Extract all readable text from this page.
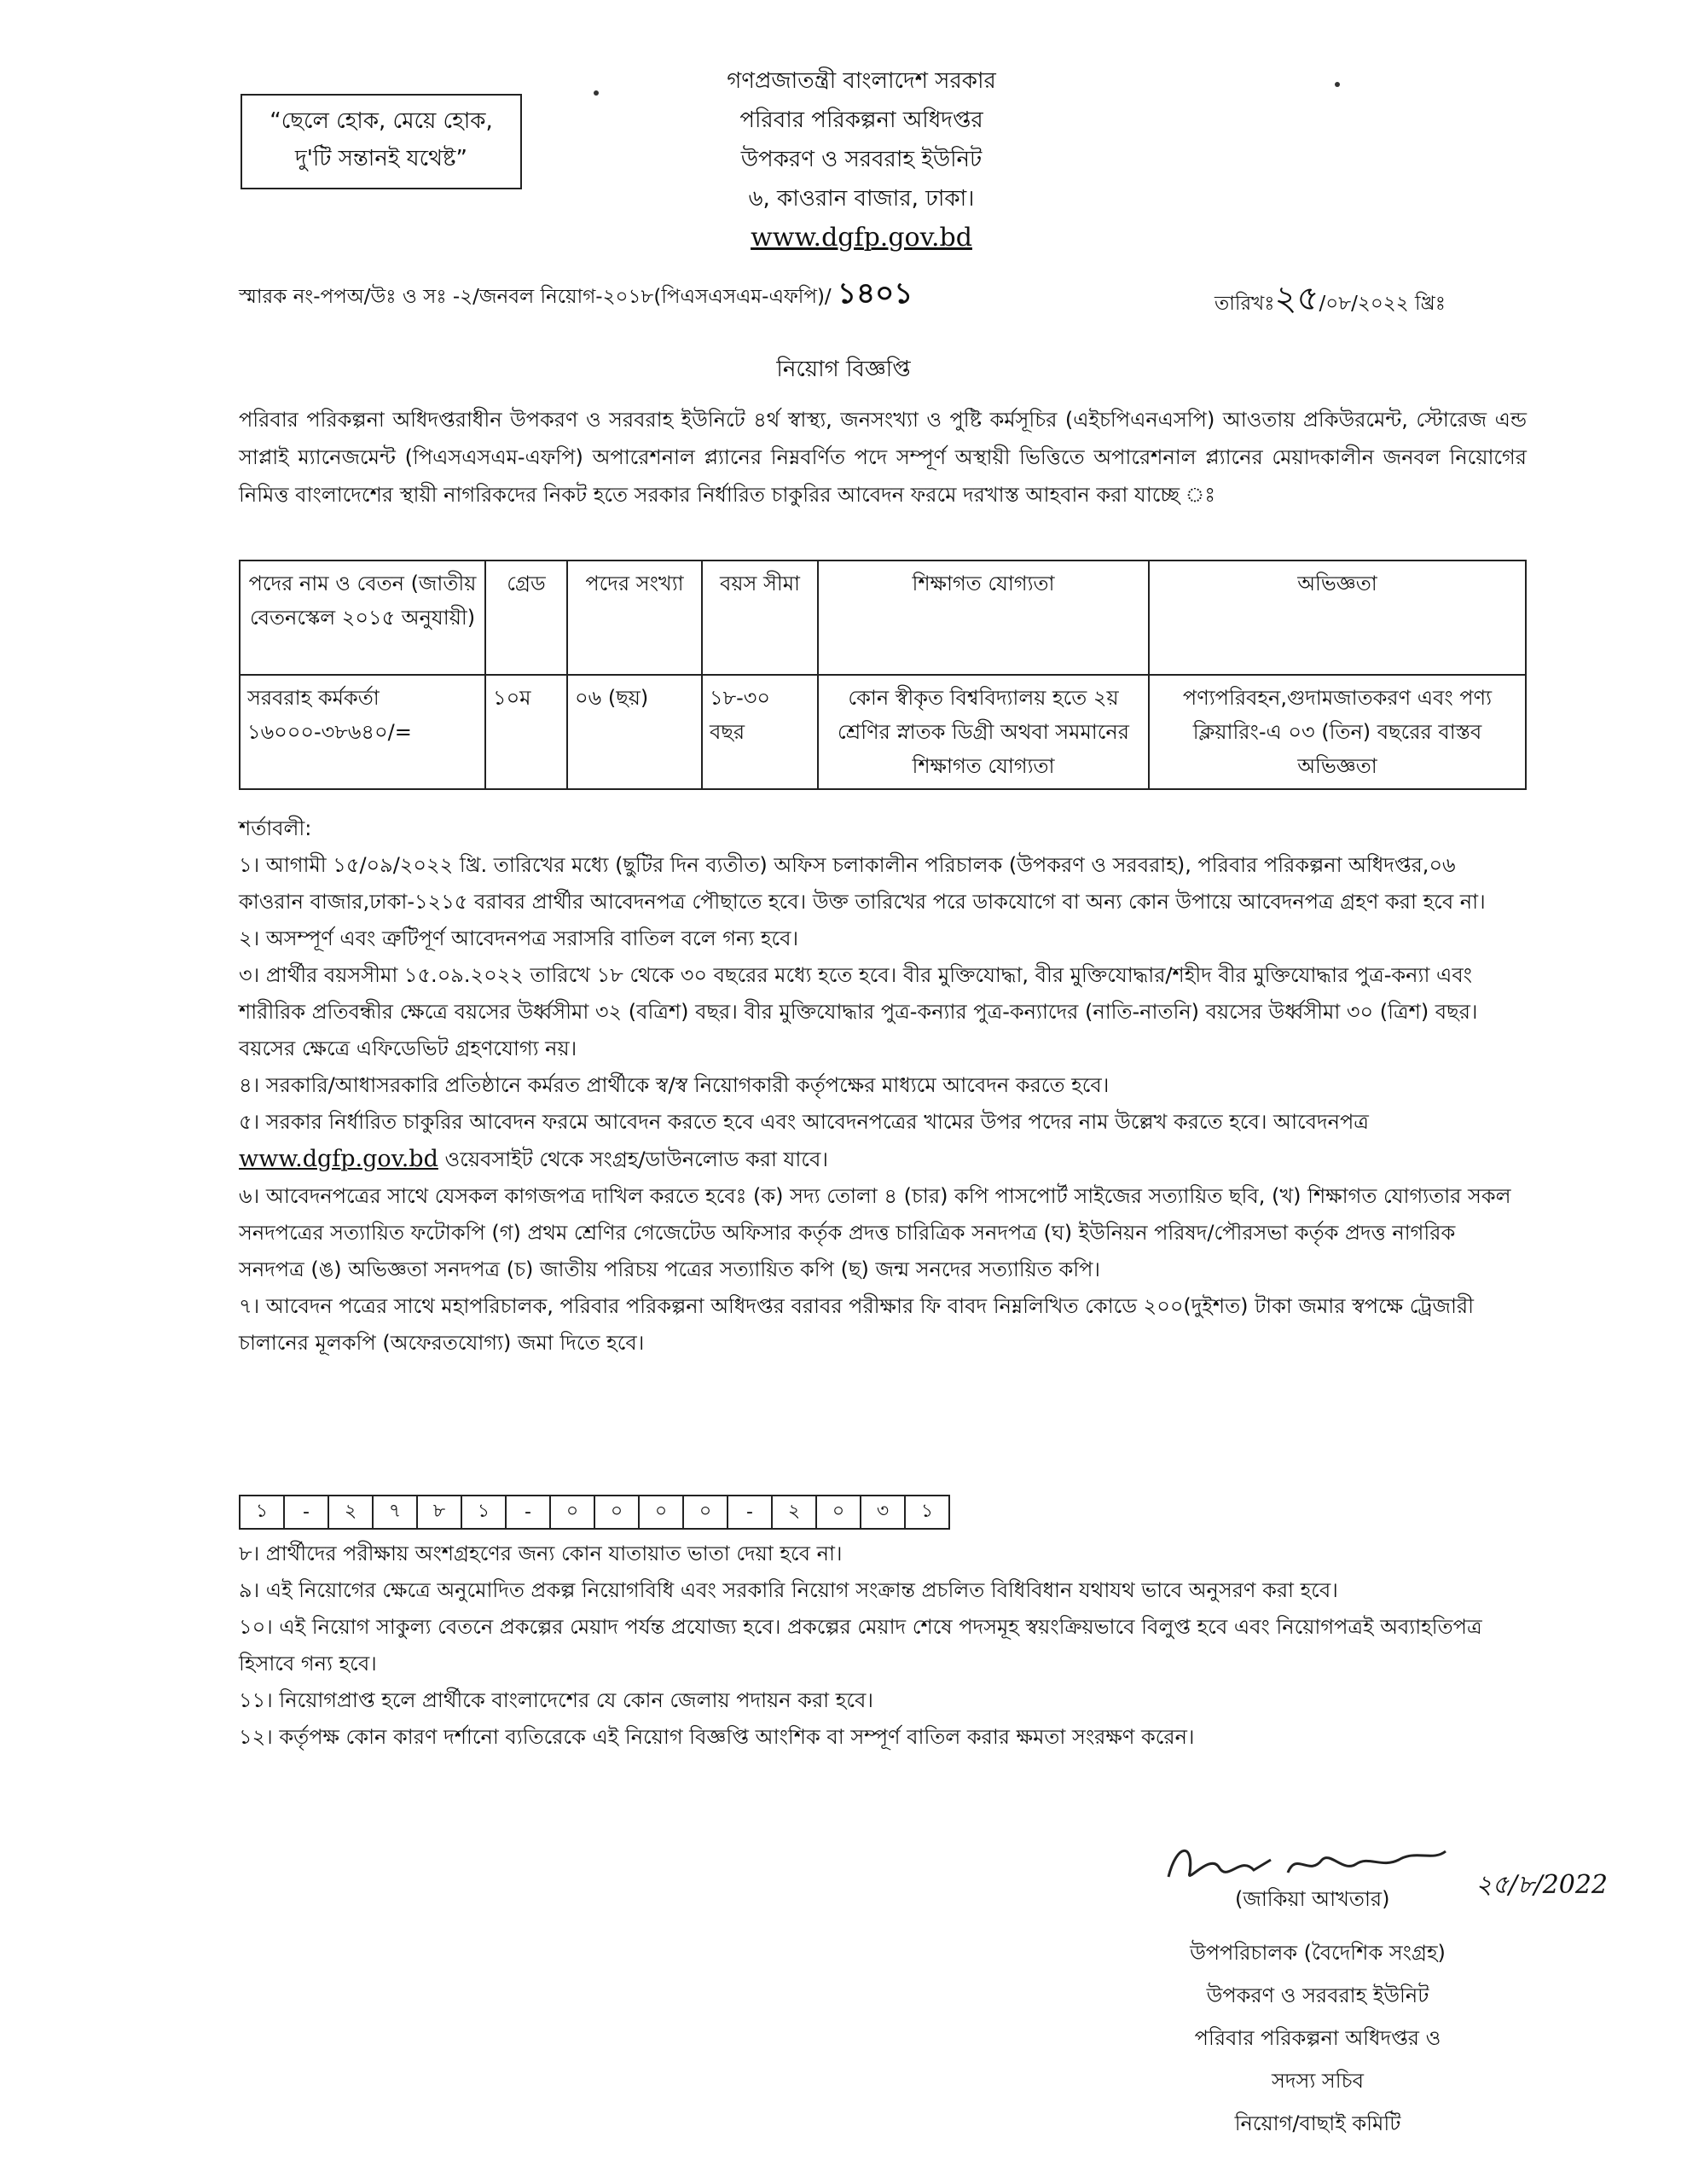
“ছেলে হোক, মেয়ে হোক,
দু'টি সন্তানই যথেষ্ট”
গণপ্রজাতন্ত্রী বাংলাদেশ সরকার
পরিবার পরিকল্পনা অধিদপ্তর
উপকরণ ও সরবরাহ ইউনিট
৬, কাওরান বাজার, ঢাকা।
www.dgfp.gov.bd
স্মারক নং-পপঅ/উঃ ও সঃ -২/জনবল নিয়োগ-২০১৮(পিএসএসএম-এফপি)/ ১৪০১	তারিখঃ২৫/০৮/২০২২ খ্রিঃ
নিয়োগ বিজ্ঞপ্তি
পরিবার পরিকল্পনা অধিদপ্তরাধীন উপকরণ ও সরবরাহ ইউনিটে ৪র্থ স্বাস্থ্য, জনসংখ্যা ও পুষ্টি কর্মসূচির (এইচপিএনএসপি) আওতায় প্রকিউরমেন্ট, স্টোরেজ এন্ড সাপ্লাই ম্যানেজমেন্ট (পিএসএসএম-এফপি) অপারেশনাল প্ল্যানের নিম্নবর্ণিত পদে সম্পূর্ণ অস্থায়ী ভিত্তিতে অপারেশনাল প্ল্যানের মেয়াদকালীন জনবল নিয়োগের নিমিত্ত বাংলাদেশের স্থায়ী নাগরিকদের নিকট হতে সরকার নির্ধারিত চাকুরির আবেদন ফরমে দরখাস্ত আহবান করা যাচ্ছে ঃ
পদের নাম ও বেতন (জাতীয় বেতনস্কেল ২০১৫ অনুযায়ী)	গ্রেড	পদের সংখ্যা	বয়স সীমা	শিক্ষাগত যোগ্যতা	অভিজ্ঞতা
সরবরাহ কর্মকর্তা ১৬০০০-৩৮৬৪০/=	১০ম	০৬ (ছয়)	১৮-৩০ বছর	কোন স্বীকৃত বিশ্ববিদ্যালয় হতে ২য় শ্রেণির স্নাতক ডিগ্রী অথবা সমমানের শিক্ষাগত যোগ্যতা	পণ্যপরিবহন,গুদামজাতকরণ এবং পণ্য ক্লিয়ারিং-এ ০৩ (তিন) বছরের বাস্তব অভিজ্ঞতা

শর্তাবলী:

১। আগামী ১৫/০৯/২০২২ খ্রি. তারিখের মধ্যে (ছুটির দিন ব্যতীত) অফিস চলাকালীন পরিচালক (উপকরণ ও সরবরাহ), পরিবার পরিকল্পনা অধিদপ্তর,০৬ কাওরান বাজার,ঢাকা-১২১৫ বরাবর প্রার্থীর আবেদনপত্র পৌছাতে হবে। উক্ত তারিখের পরে ডাকযোগে বা অন্য কোন উপায়ে আবেদনপত্র গ্রহণ করা হবে না।

২। অসম্পূর্ণ এবং ত্রুটিপূর্ণ আবেদনপত্র সরাসরি বাতিল বলে গন্য হবে।

৩। প্রার্থীর বয়সসীমা ১৫.০৯.২০২২ তারিখে ১৮ থেকে ৩০ বছরের মধ্যে হতে হবে। বীর মুক্তিযোদ্ধা, বীর মুক্তিযোদ্ধার/শহীদ বীর মুক্তিযোদ্ধার পুত্র-কন্যা এবং শারীরিক প্রতিবন্ধীর ক্ষেত্রে বয়সের উর্ধ্বসীমা ৩২ (বত্রিশ) বছর। বীর মুক্তিযোদ্ধার পুত্র-কন্যার পুত্র-কন্যাদের (নাতি-নাতনি) বয়সের উর্ধ্বসীমা ৩০ (ত্রিশ) বছর। বয়সের ক্ষেত্রে এফিডেভিট গ্রহণযোগ্য নয়।

৪। সরকারি/আধাসরকারি প্রতিষ্ঠানে কর্মরত প্রার্থীকে স্ব/স্ব নিয়োগকারী কর্তৃপক্ষের মাধ্যমে আবেদন করতে হবে।

৫। সরকার নির্ধারিত চাকুরির আবেদন ফরমে আবেদন করতে হবে এবং আবেদনপত্রের খামের উপর পদের নাম উল্লেখ করতে হবে। আবেদনপত্র www.dgfp.gov.bd ওয়েবসাইট থেকে সংগ্রহ/ডাউনলোড করা যাবে।

৬। আবেদনপত্রের সাথে যেসকল কাগজপত্র দাখিল করতে হবেঃ (ক) সদ্য তোলা ৪ (চার) কপি পাসপোর্ট সাইজের সত্যায়িত ছবি, (খ) শিক্ষাগত যোগ্যতার সকল সনদপত্রের সত্যায়িত ফটোকপি (গ) প্রথম শ্রেণির গেজেটেড অফিসার কর্তৃক প্রদত্ত চারিত্রিক সনদপত্র (ঘ) ইউনিয়ন পরিষদ/পৌরসভা কর্তৃক প্রদত্ত নাগরিক সনদপত্র (ঙ) অভিজ্ঞতা সনদপত্র (চ) জাতীয় পরিচয় পত্রের সত্যায়িত কপি (ছ) জন্ম সনদের সত্যায়িত কপি।

৭। আবেদন পত্রের সাথে মহাপরিচালক, পরিবার পরিকল্পনা অধিদপ্তর বরাবর পরীক্ষার ফি বাবদ নিম্নলিখিত কোডে ২০০(দুইশত) টাকা জমার স্বপক্ষে ট্রেজারী চালানের মূলকপি (অফেরতযোগ্য) জমা দিতে হবে।

১	-	২	৭	৮	১	-	০	০	০	০	-	২	০	৩	১

৮। প্রার্থীদের পরীক্ষায় অংশগ্রহণের জন্য কোন যাতায়াত ভাতা দেয়া হবে না।

৯। এই নিয়োগের ক্ষেত্রে অনুমোদিত প্রকল্প নিয়োগবিধি এবং সরকারি নিয়োগ সংক্রান্ত প্রচলিত বিধিবিধান যথাযথ ভাবে অনুসরণ করা হবে।

১০। এই নিয়োগ সাকুল্য বেতনে প্রকল্পের মেয়াদ পর্যন্ত প্রযোজ্য হবে। প্রকল্পের মেয়াদ শেষে পদসমূহ স্বয়ংক্রিয়ভাবে বিলুপ্ত হবে এবং নিয়োগপত্রই অব্যাহতিপত্র হিসাবে গন্য হবে।

১১। নিয়োগপ্রাপ্ত হলে প্রার্থীকে বাংলাদেশের যে কোন জেলায় পদায়ন করা হবে।

১২। কর্তৃপক্ষ কোন কারণ দর্শানো ব্যতিরেকে এই নিয়োগ বিজ্ঞপ্তি আংশিক বা সম্পূর্ণ বাতিল করার ক্ষমতা সংরক্ষণ করেন।

(জাকিয়া আখতার)	২৫/৮/2022
উপপরিচালক (বৈদেশিক সংগ্রহ)
উপকরণ ও সরবরাহ ইউনিট
পরিবার পরিকল্পনা অধিদপ্তর ও
সদস্য সচিব
নিয়োগ/বাছাই কমিটি
